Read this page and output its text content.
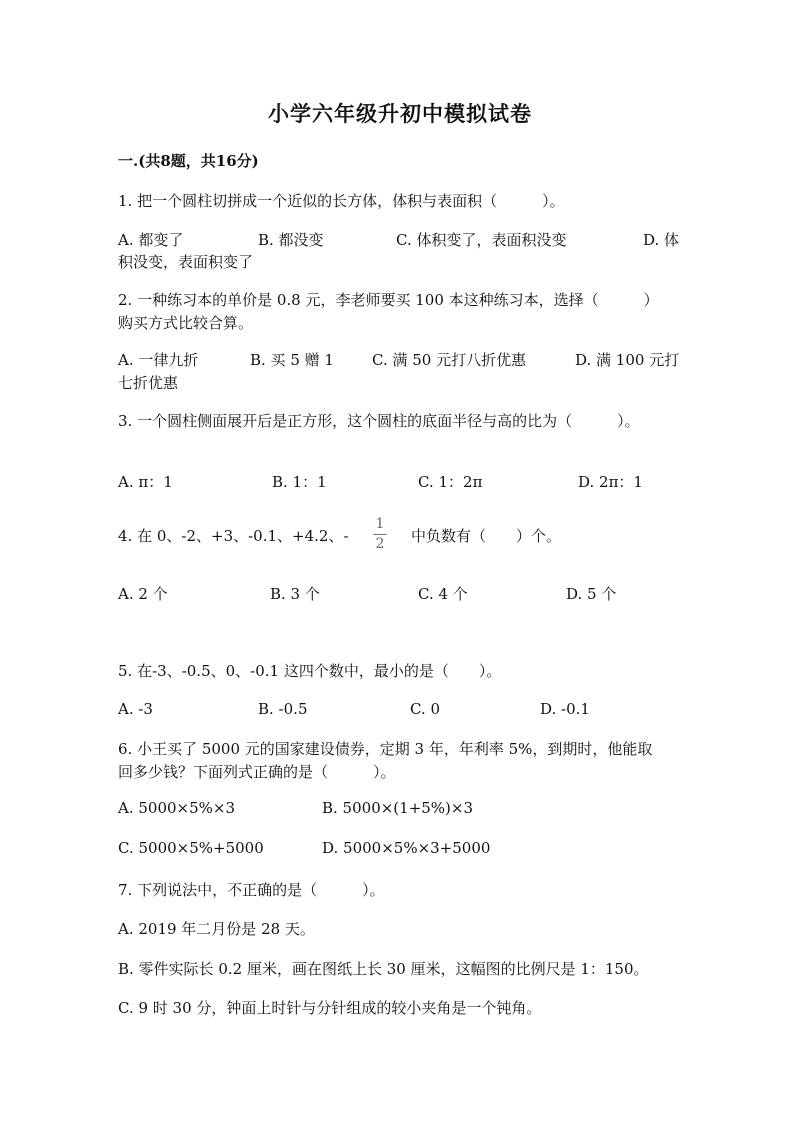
小学六年级升初中模拟试卷
一.(共8题，共16分)
1. 把一个圆柱切拼成一个近似的长方体，体积与表面积（　　　）。
A. 都变了	B. 都没变	C. 体积变了，表面积没变	D. 体
积没变，表面积变了
2. 一种练习本的单价是 0.8 元，李老师要买 100 本这种练习本，选择（　　　）
购买方式比较合算。
A. 一律九折	B. 买 5 赠 1	C. 满 50 元打八折优惠	D. 满 100 元打
七折优惠
3. 一个圆柱侧面展开后是正方形，这个圆柱的底面半径与高的比为（　　　）。
A. π：1	B. 1：1	C. 1：2π	D. 2π：1
4. 在 0、-2、+3、-0.1、+4.2、-
1
2	中负数有（　　）个。
A. 2 个	B. 3 个	C. 4 个	D. 5 个
5. 在-3、-0.5、0、-0.1 这四个数中，最小的是（　　）。
A. -3	B. -0.5	C. 0	D. -0.1
6. 小王买了 5000 元的国家建设债券，定期 3 年，年利率 5%，到期时，他能取
回多少钱？下面列式正确的是（　　　）。
A. 5000×5%×3	B. 5000×(1+5%)×3
C. 5000×5%+5000	D. 5000×5%×3+5000
7. 下列说法中，不正确的是（　　　）。
A. 2019 年二月份是 28 天。
B. 零件实际长 0.2 厘米，画在图纸上长 30 厘米，这幅图的比例尺是 1：150。
C. 9 时 30 分，钟面上时针与分针组成的较小夹角是一个钝角。
